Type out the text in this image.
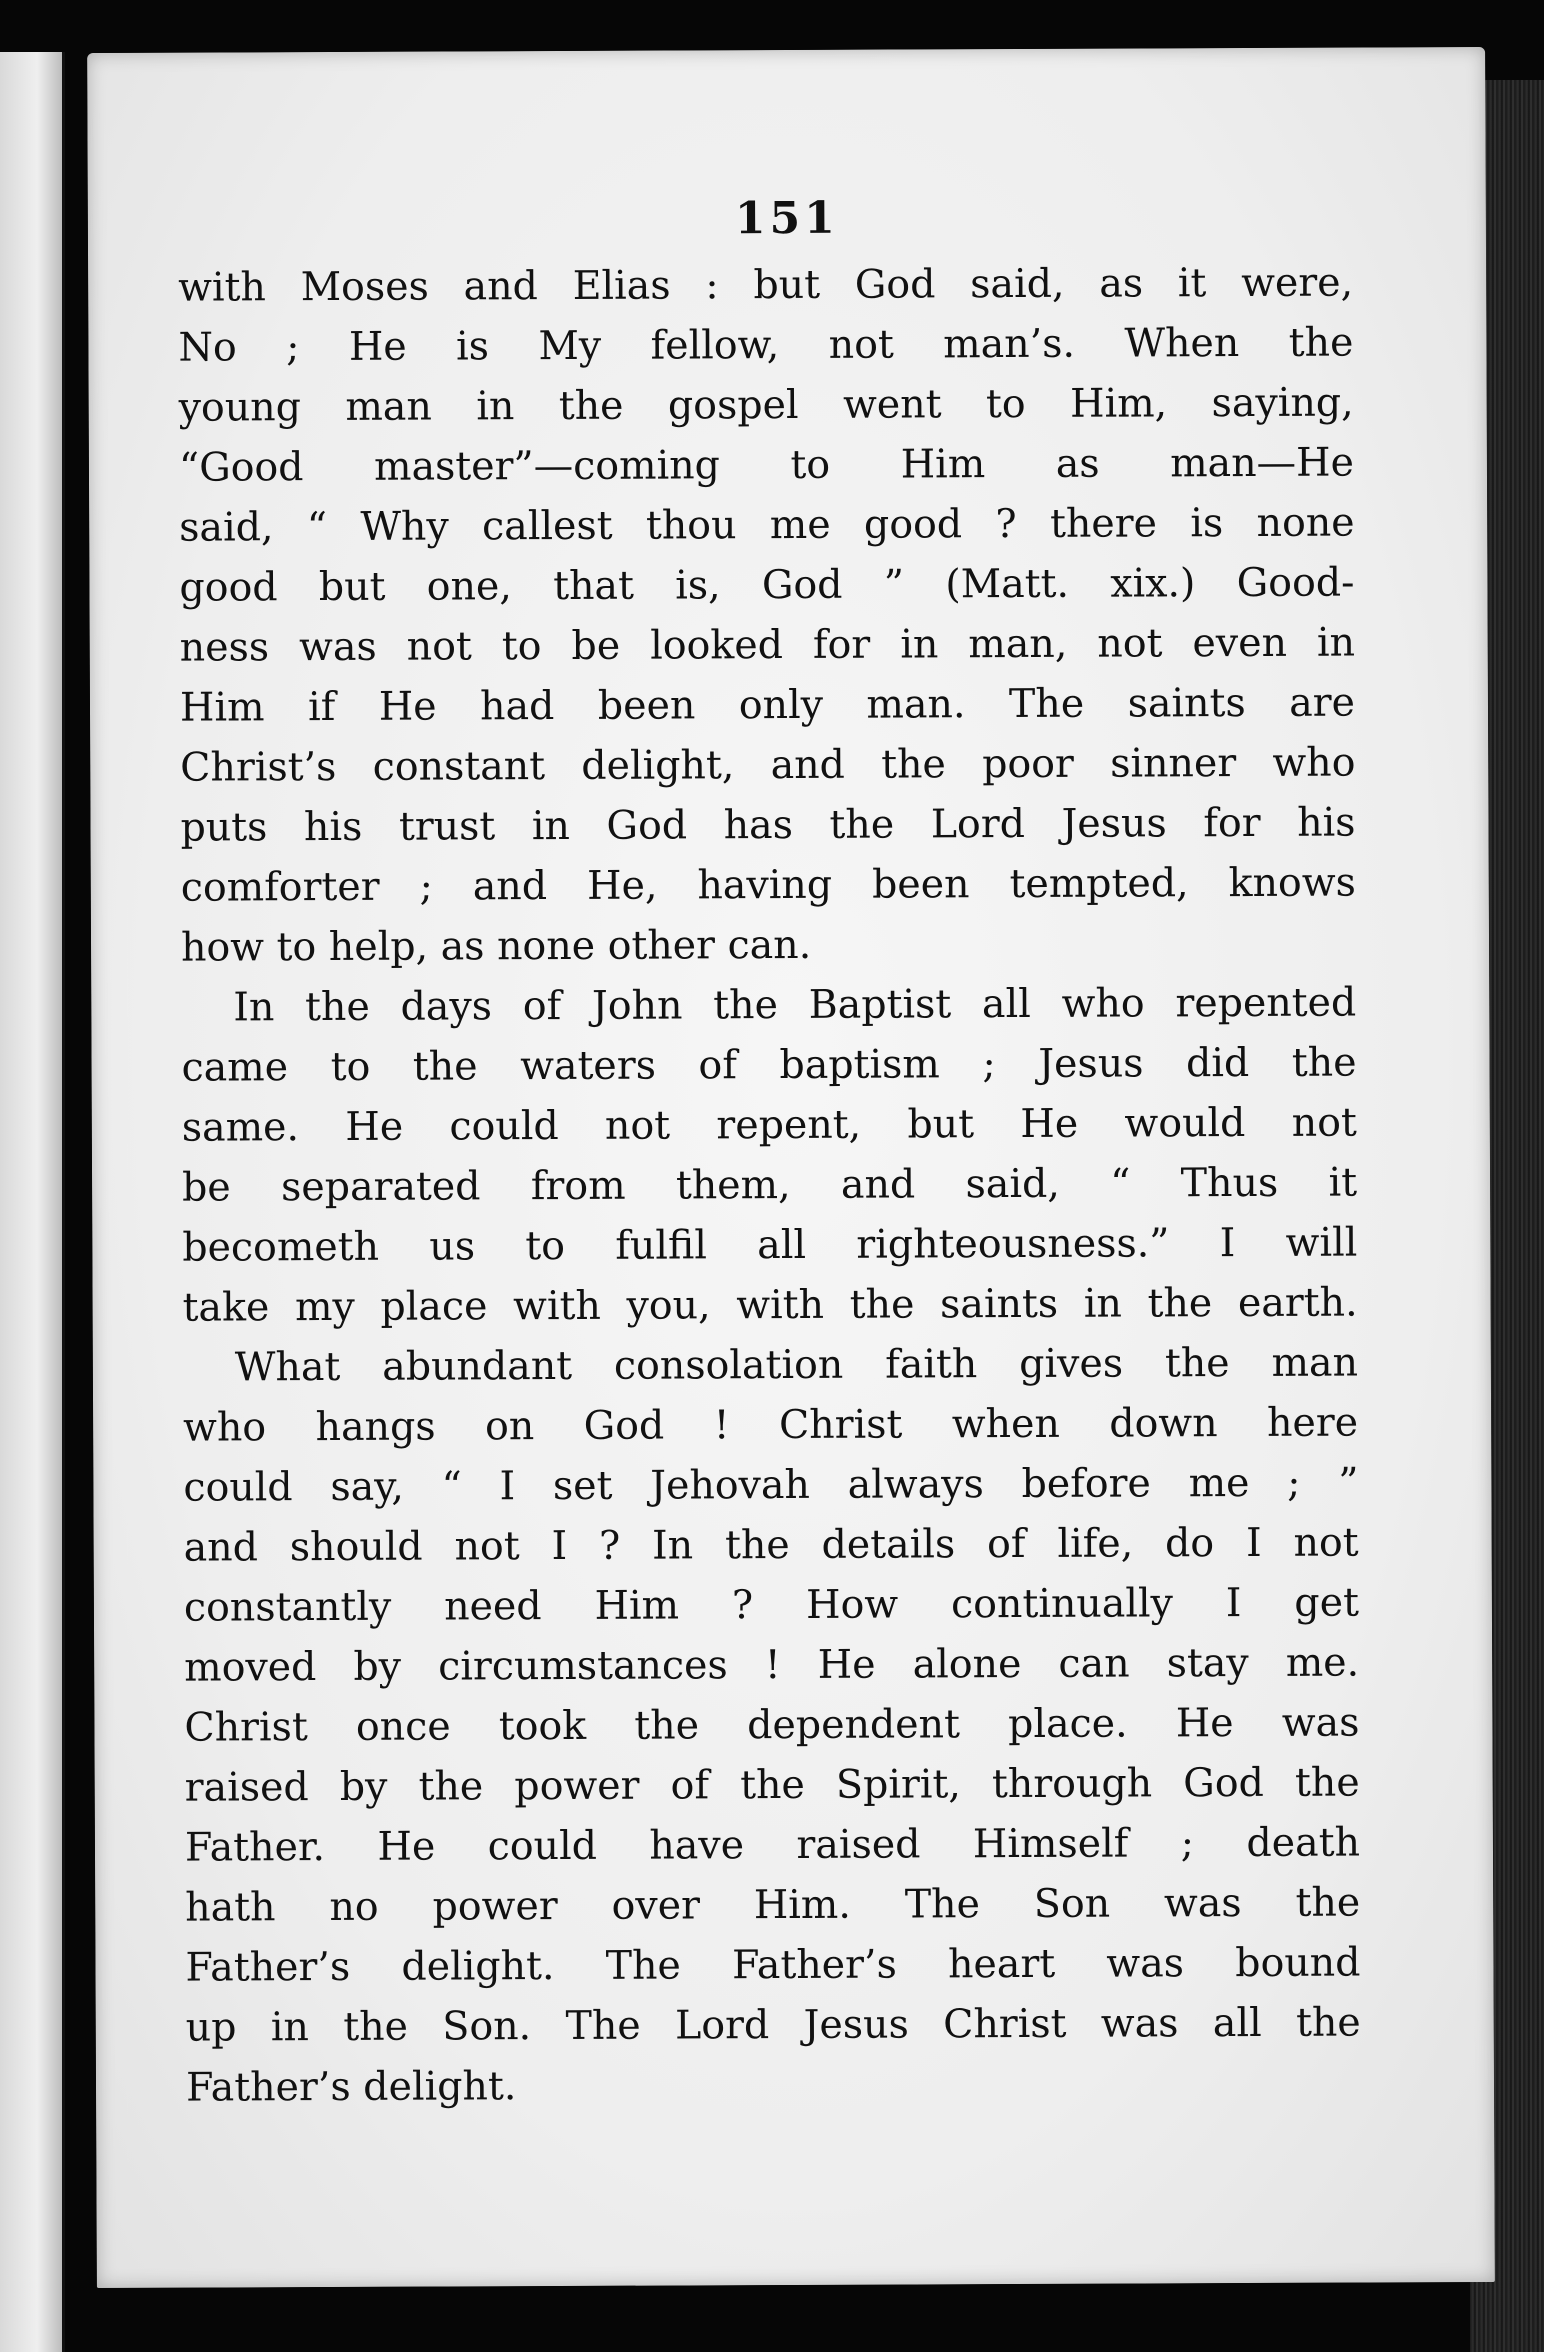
151

with Moses and Elias : but God said, as it were,
No ; He is My fellow, not man’s. When the
young man in the gospel went to Him, saying,
“Good master”—coming to Him as man—He
said, “ Why callest thou me good ? there is none
good but one, that is, God ” (Matt. xix.) Good-
ness was not to be looked for in man, not even in
Him if He had been only man. The saints are
Christ’s constant delight, and the poor sinner who
puts his trust in God has the Lord Jesus for his
comforter ; and He, having been tempted, knows
how to help, as none other can.

In the days of John the Baptist all who repented
came to the waters of baptism ; Jesus did the
same. He could not repent, but He would not
be separated from them, and said, “ Thus it
becometh us to fulfil all righteousness.” I will
take my place with you, with the saints in the earth.

What abundant consolation faith gives the man
who hangs on God ! Christ when down here
could say, “ I set Jehovah always before me ; ”
and should not I ? In the details of life, do I not
constantly need Him ? How continually I get
moved by circumstances ! He alone can stay me.
Christ once took the dependent place. He was
raised by the power of the Spirit, through God the
Father. He could have raised Himself ; death
hath no power over Him. The Son was the
Father’s delight. The Father’s heart was bound
up in the Son. The Lord Jesus Christ was all the
Father’s delight.
